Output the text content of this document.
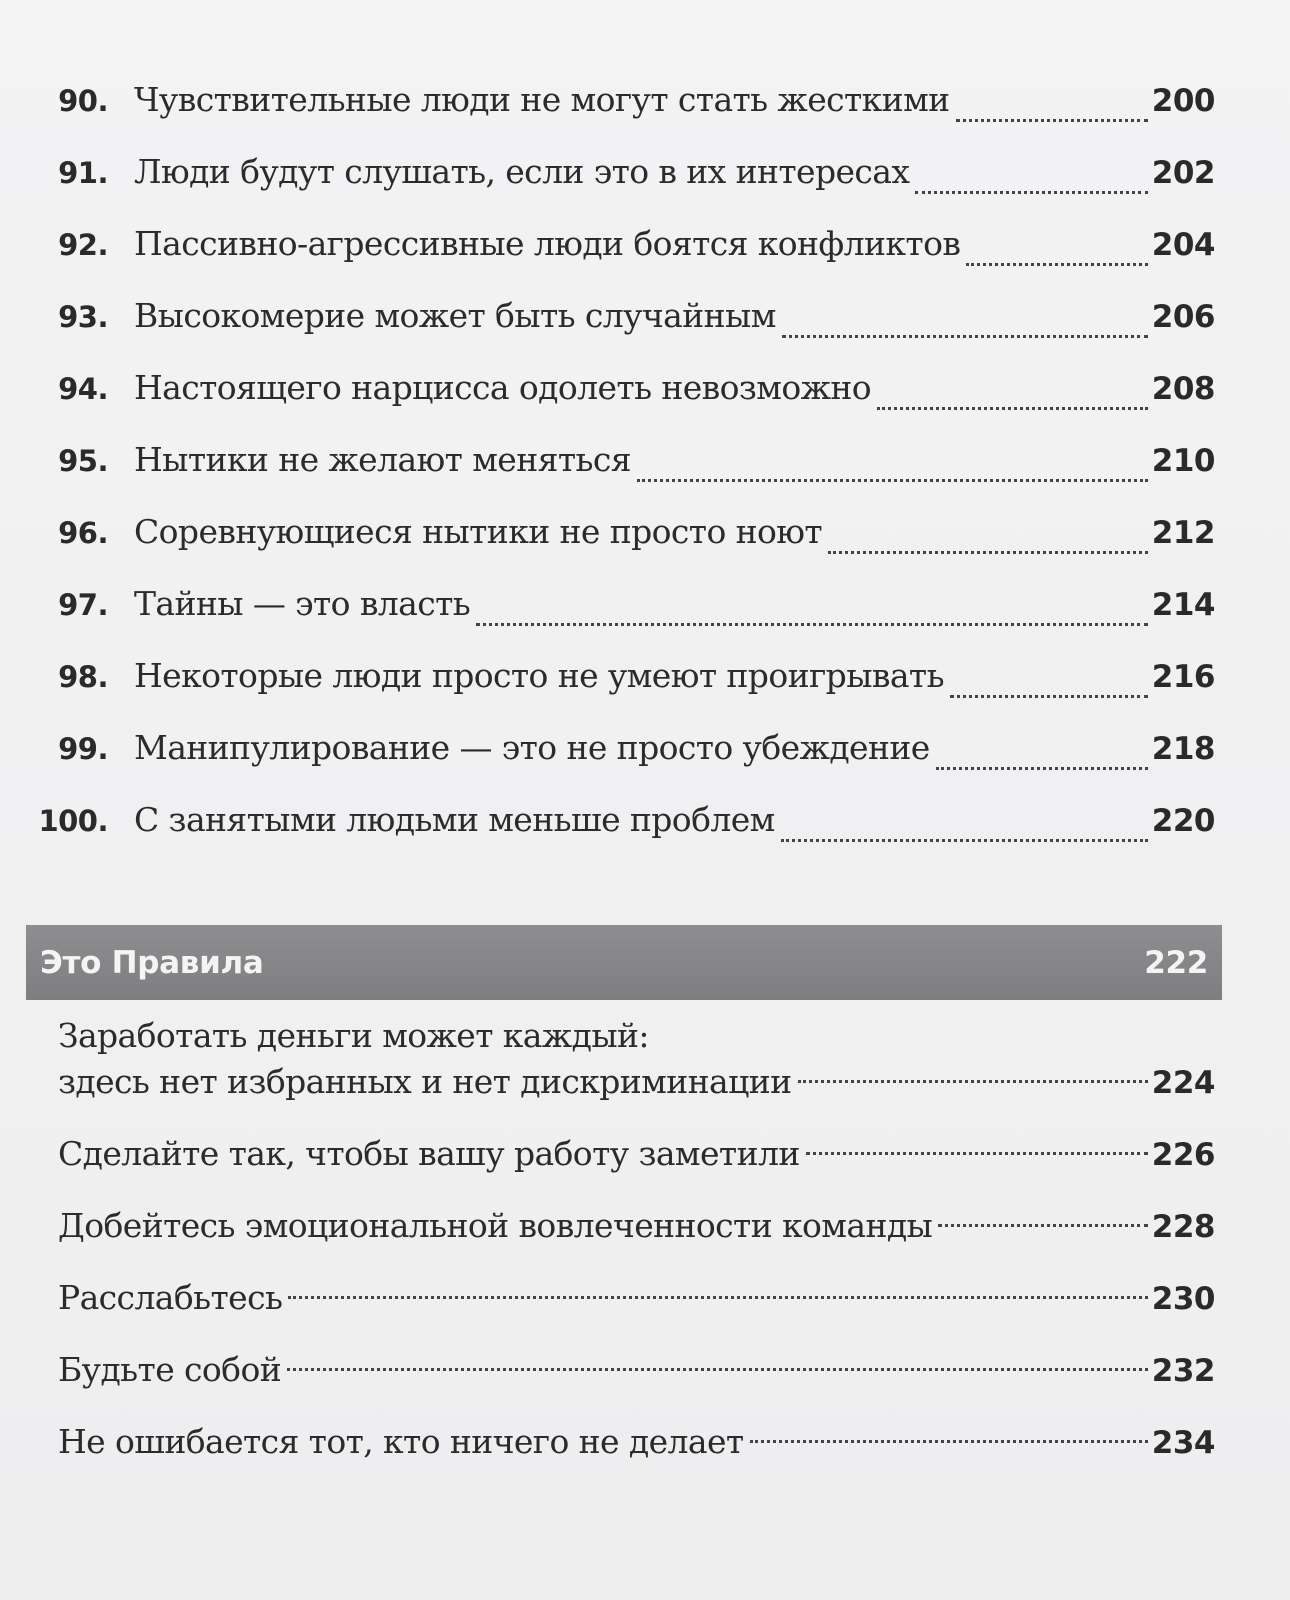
90. Чувствительные люди не могут стать жесткими	200
91. Люди будут слушать, если это в их интересах	202
92. Пассивно-агрессивные люди боятся конфликтов	204
93. Высокомерие может быть случайным	206
94. Настоящего нарцисса одолеть невозможно	208
95. Нытики не желают меняться	210
96. Соревнующиеся нытики не просто ноют	212
97. Тайны — это власть	214
98. Некоторые люди просто не умеют проигрывать	216
99. Манипулирование — это не просто убеждение	218
100. С занятыми людьми меньше проблем	220
Это Правила	222
Заработать деньги может каждый:
здесь нет избранных и нет дискриминации	224
Сделайте так, чтобы вашу работу заметили	226
Добейтесь эмоциональной вовлеченности команды	228
Расслабьтесь	230
Будьте собой	232
Не ошибается тот, кто ничего не делает	234
